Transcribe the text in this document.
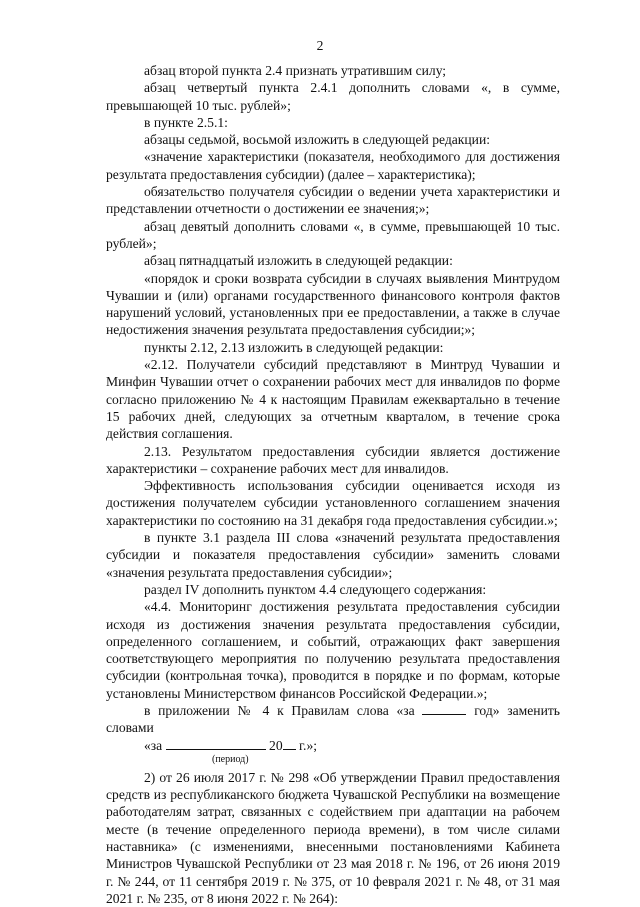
2

абзац второй пункта 2.4 признать утратившим силу;

абзац четвертый пункта 2.4.1 дополнить словами «, в сумме, превышающей 10 тыс. рублей»;

в пункте 2.5.1:

абзацы седьмой, восьмой изложить в следующей редакции:

«значение характеристики (показателя, необходимого для достижения результата предоставления субсидии) (далее – характеристика);

обязательство получателя субсидии о ведении учета характеристики и представлении отчетности о достижении ее значения;»;

абзац девятый дополнить словами «, в сумме, превышающей 10 тыс. рублей»;

абзац пятнадцатый изложить в следующей редакции:

«порядок и сроки возврата субсидии в случаях выявления Минтрудом Чувашии и (или) органами государственного финансового контроля фактов нарушений условий, установленных при ее предоставлении, а также в случае недостижения значения результата предоставления субсидии;»;

пункты 2.12, 2.13 изложить в следующей редакции:

«2.12. Получатели субсидий представляют в Минтруд Чувашии и Минфин Чувашии отчет о сохранении рабочих мест для инвалидов по форме согласно приложению № 4 к настоящим Правилам ежеквартально в течение 15 рабочих дней, следующих за отчетным кварталом, в течение срока действия соглашения.

2.13. Результатом предоставления субсидии является достижение характеристики – сохранение рабочих мест для инвалидов.

Эффективность использования субсидии оценивается исходя из достижения получателем субсидии установленного соглашением значения характеристики по состоянию на 31 декабря года предоставления субсидии.»;

в пункте 3.1 раздела III слова «значений результата предоставления субсидии и показателя предоставления субсидии» заменить словами «значения результата предоставления субсидии»;

раздел IV дополнить пунктом 4.4 следующего содержания:

«4.4. Мониторинг достижения результата предоставления субсидии исходя из достижения значения результата предоставления субсидии, определенного соглашением, и событий, отражающих факт завершения соответствующего мероприятия по получению результата предоставления субсидии (контрольная точка), проводится в порядке и по формам, которые установлены Министерством финансов Российской Федерации.»;

в приложении № 4 к Правилам слова «за	год» заменить словами

«за	20 г.»;

(период)

2) от 26 июля 2017 г. № 298 «Об утверждении Правил предоставления средств из республиканского бюджета Чувашской Республики на возмещение работодателям затрат, связанных с содействием при адаптации на рабочем месте (в течение определенного периода времени), в том числе силами наставника» (с изменениями, внесенными постановлениями Кабинета Министров Чувашской Республики от 23 мая 2018 г. № 196, от 26 июня 2019 г. № 244, от 11 сентября 2019 г. № 375, от 10 февраля 2021 г. № 48, от 31 мая 2021 г. № 235, от 8 июня 2022 г. № 264):
